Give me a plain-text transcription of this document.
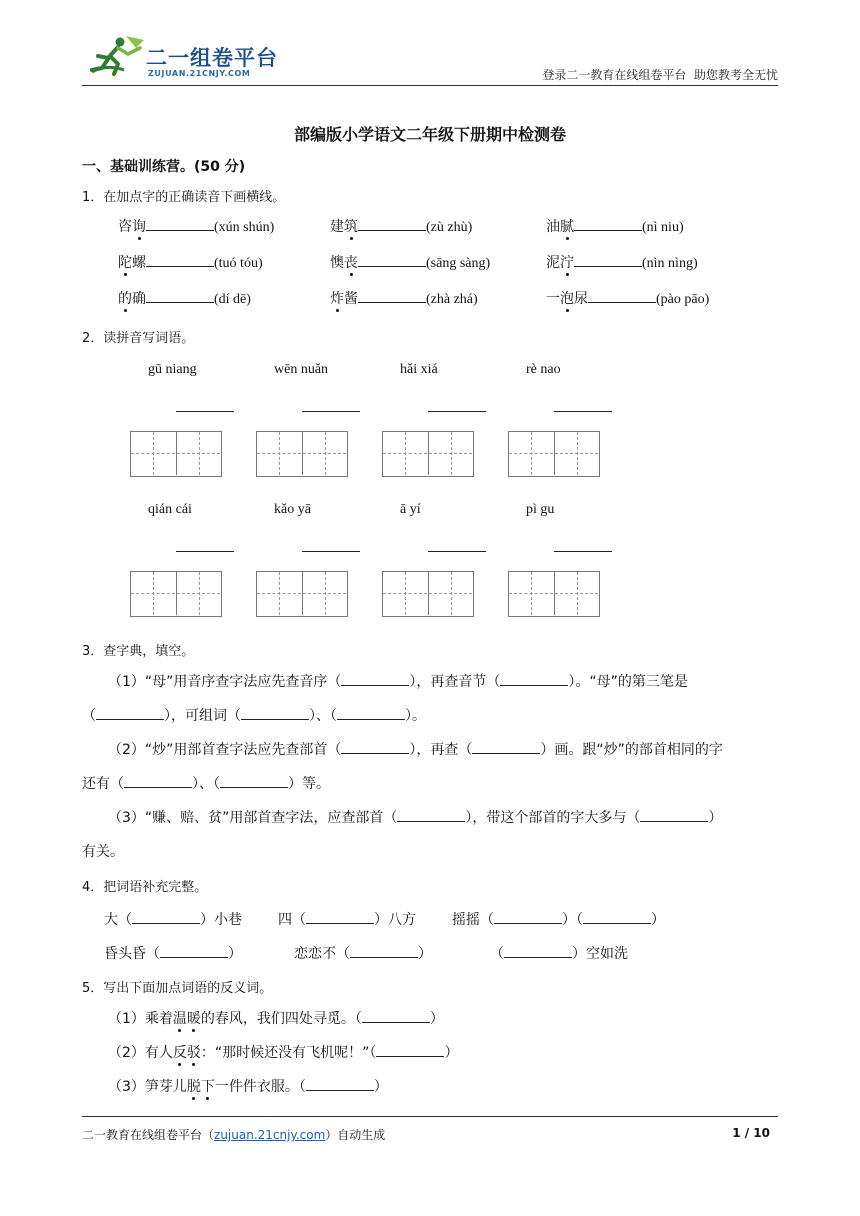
二一组卷平台
ZUJUAN.21CNJY.COM	登录二一教育在线组卷平台  助您教考全无忧
部编版小学语文二年级下册期中检测卷
一、基础训练营。(50 分)
1．在加点字的正确读音下画横线。
咨询	(xún shún)	建筑	(zù zhù)	油腻	(nì niu)
陀螺	(tuó tóu)	懊丧	(sāng sàng)	泥泞	(nìn nìng)
的确	(dí dē)	炸酱	(zhà zhá)	一泡尿	(pào pāo)
2．读拼音写词语。
gū niang	wēn nuǎn	hǎi xiá	rè nao
qián cái	kǎo yā	ā yí	pì gu
3．查字典，填空。
（1）“母”用音序查字法应先查音序（	），再查音节（	）。“母”的第三笔是
（	），可组词（	）、（	）。
（2）“炒”用部首查字法应先查部首（	），再查（	）画。跟“炒”的部首相同的字
还有（	）、（	）等。
（3）“赚、赔、贫”用部首查字法，应查部首（	），带这个部首的字大多与（	）
有关。
4．把词语补充完整。
大（	）小巷	四（	）八方	摇摇（	）（	）
昏头昏（	）	恋恋不（	）	（	）空如洗
5．写出下面加点词语的反义词。
（1）乘着温暖的春风，我们四处寻觅。（	）
（2）有人反驳：“那时候还没有飞机呢！”（	）
（3）笋芽儿脱下一件件衣服。（	）
二一教育在线组卷平台（zujuan.21cnjy.com）自动生成	1 / 10
